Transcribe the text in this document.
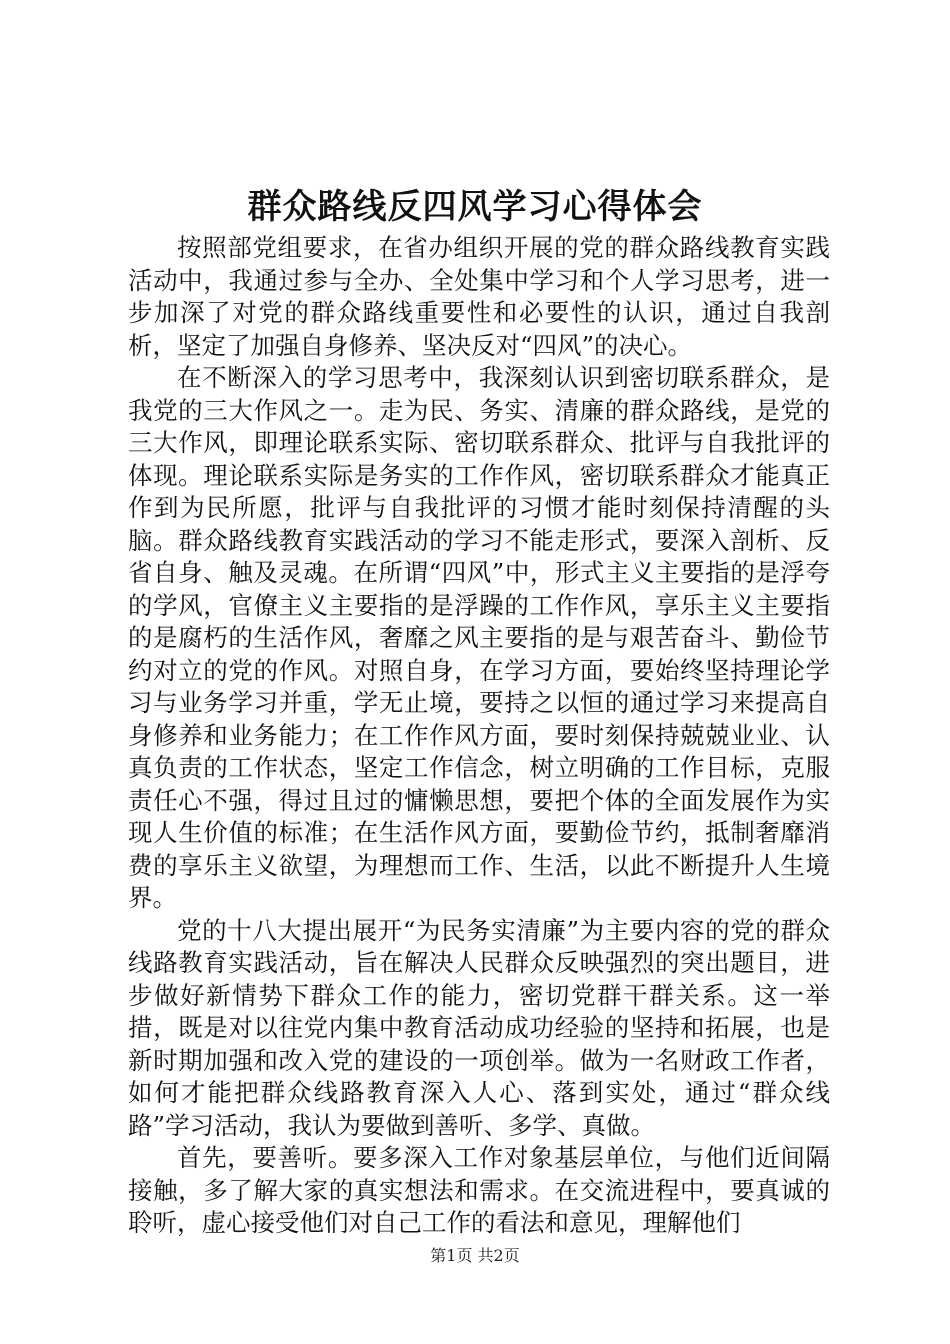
群众路线反四风学习心得体会

按照部党组要求，在省办组织开展的党的群众路线教育实践活动中，我通过参与全办、全处集中学习和个人学习思考，进一步加深了对党的群众路线重要性和必要性的认识，通过自我剖析，坚定了加强自身修养、坚决反对“四风”的决心。

在不断深入的学习思考中，我深刻认识到密切联系群众，是我党的三大作风之一。走为民、务实、清廉的群众路线，是党的三大作风，即理论联系实际、密切联系群众、批评与自我批评的体现。理论联系实际是务实的工作作风，密切联系群众才能真正作到为民所愿，批评与自我批评的习惯才能时刻保持清醒的头脑。群众路线教育实践活动的学习不能走形式，要深入剖析、反省自身、触及灵魂。在所谓“四风”中，形式主义主要指的是浮夸的学风，官僚主义主要指的是浮躁的工作作风，享乐主义主要指的是腐朽的生活作风，奢靡之风主要指的是与艰苦奋斗、勤俭节约对立的党的作风。对照自身，在学习方面，要始终坚持理论学习与业务学习并重，学无止境，要持之以恒的通过学习来提高自身修养和业务能力；在工作作风方面，要时刻保持兢兢业业、认真负责的工作状态，坚定工作信念，树立明确的工作目标，克服责任心不强，得过且过的慵懒思想，要把个体的全面发展作为实现人生价值的标准；在生活作风方面，要勤俭节约，抵制奢靡消费的享乐主义欲望，为理想而工作、生活，以此不断提升人生境界。

党的十八大提出展开“为民务实清廉”为主要内容的党的群众线路教育实践活动，旨在解决人民群众反映强烈的突出题目，进步做好新情势下群众工作的能力，密切党群干群关系。这一举措，既是对以往党内集中教育活动成功经验的坚持和拓展，也是新时期加强和改入党的建设的一项创举。做为一名财政工作者，如何才能把群众线路教育深入人心、落到实处，通过“群众线路”学习活动，我认为要做到善听、多学、真做。

首先，要善听。要多深入工作对象基层单位，与他们近间隔接触，多了解大家的真实想法和需求。在交流进程中，要真诚的聆听，虚心接受他们对自己工作的看法和意见，理解他们

第1页 共2页
